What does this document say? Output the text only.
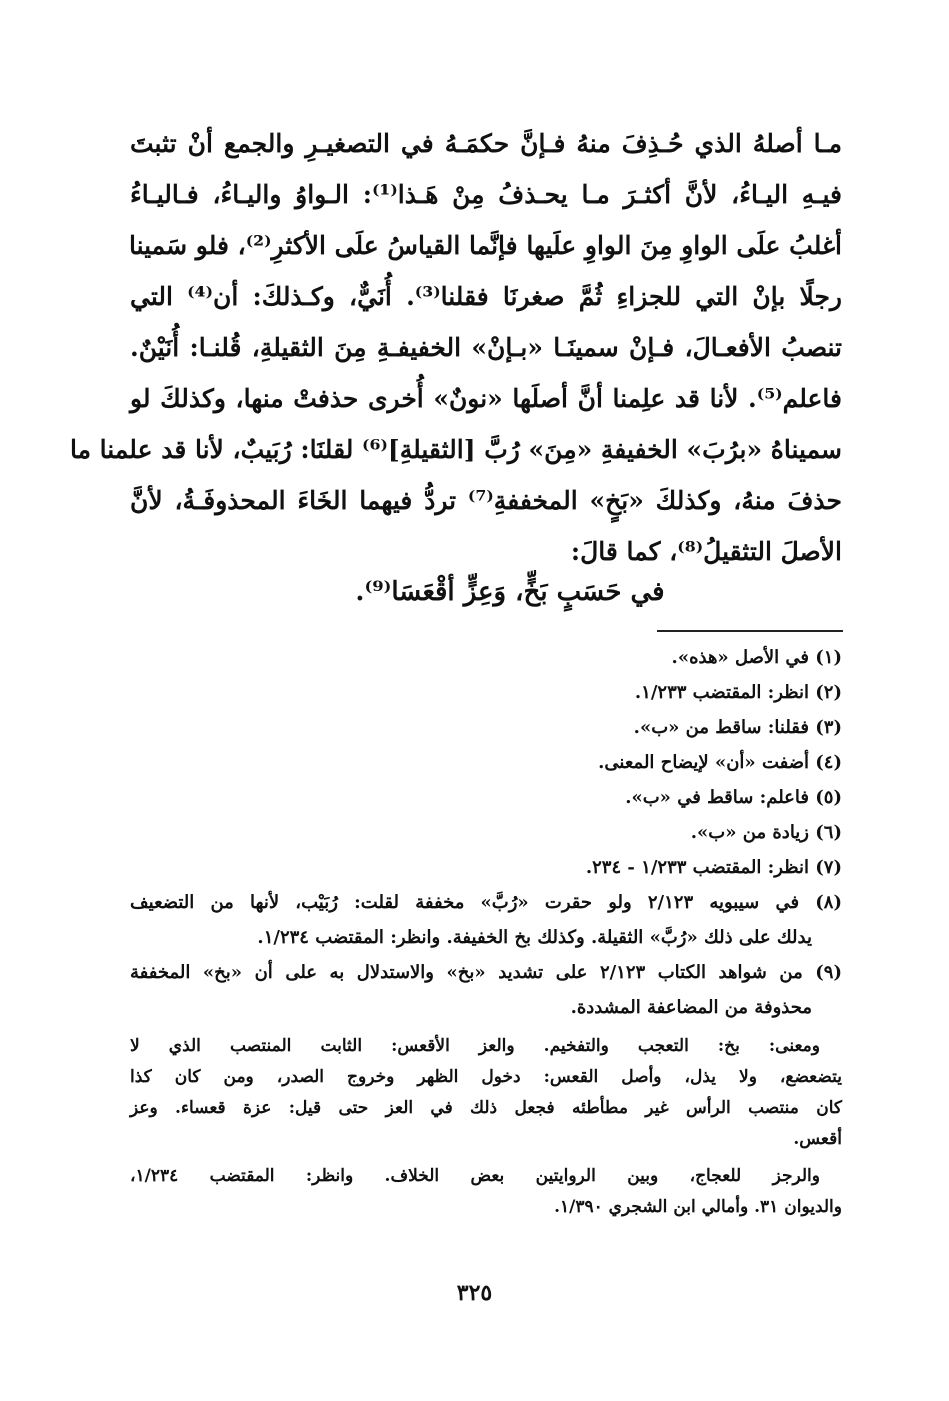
مـا أصلهُ الذي حُـذِفَ منهُ فـإنَّ حكمَـهُ في التصغيـرِ والجمع أنْ تثبتَ
فيـهِ اليـاءُ، لأنَّ أكثـرَ مـا يحـذفُ مِنْ هَـذا⁽¹⁾: الـواوُ واليـاءُ، فـاليـاءُ
أغلبُ علَى الواوِ مِنَ الواوِ علَيها فإنَّما القياسُ علَى الأكثرِ⁽²⁾، فلو سَمينا
رجلًا بإنْ التي للجزاءِ ثُمَّ صغرنَا فقلنا⁽³⁾. أُنَيٌّ، وكـذلكَ: أن⁽⁴⁾ التي
تنصبُ الأفعـالَ، فـإنْ سمينَـا «بـإنْ» الخفيفـةِ مِنَ الثقيلةِ، قُلنـا: أُنَيْنٌ.
فاعلم⁽⁵⁾. لأنا قد علِمنا أنَّ أصلَها «نونٌ» أُخرى حذفتْ منها، وكذلكَ لو
سميناهُ «برُبَ» الخفيفةِ «مِنَ» رُبَّ [الثقيلةِ]⁽⁶⁾ لقلنَا: رُبَيبٌ، لأنا قد علمنا ما
حذفَ منهُ، وكذلكَ «بَخٍ» المخففةِ⁽⁷⁾ تردُّ فيهما الخَاءَ المحذوفَـةُ، لأنَّ
الأصلَ التثقيلُ⁽⁸⁾، كما قالَ:
في حَسَبٍ بَخٍّ، وَعِزٍّ أقْعَسَا⁽⁹⁾.
(١) في الأصل «هذه».
(٢) انظر: المقتضب ١/٢٣٣.
(٣) فقلنا: ساقط من «ب».
(٤) أضفت «أن» لإيضاح المعنى.
(٥) فاعلم: ساقط في «ب».
(٦) زيادة من «ب».
(٧) انظر: المقتضب ١/٢٣٣ - ٢٣٤.
(٨) في سيبويه ٢/١٢٣ ولو حقرت «رُبَّ» مخففة لقلت: رُبَيْب، لأنها من التضعيف
يدلك على ذلك «رُبَّ» الثقيلة. وكذلك بخ الخفيفة. وانظر: المقتضب ١/٢٣٤.
(٩) من شواهد الكتاب ٢/١٢٣ على تشديد «بخ» والاستدلال به على أن «بخ» المخففة
محذوفة من المضاعفة المشددة.
ومعنى: بخ: التعجب والتفخيم. والعز الأقعس: الثابت المنتصب الذي لا
يتضعضع، ولا يذل، وأصل القعس: دخول الظهر وخروج الصدر، ومن كان كذا
كان منتصب الرأس غير مطأطئه فجعل ذلك في العز حتى قيل: عزة قعساء. وعز
أقعس.
والرجز للعجاج، وبين الروايتين بعض الخلاف. وانظر: المقتضب ١/٢٣٤،
والديوان ٣١. وأمالي ابن الشجري ١/٣٩٠.
٣٢٥
